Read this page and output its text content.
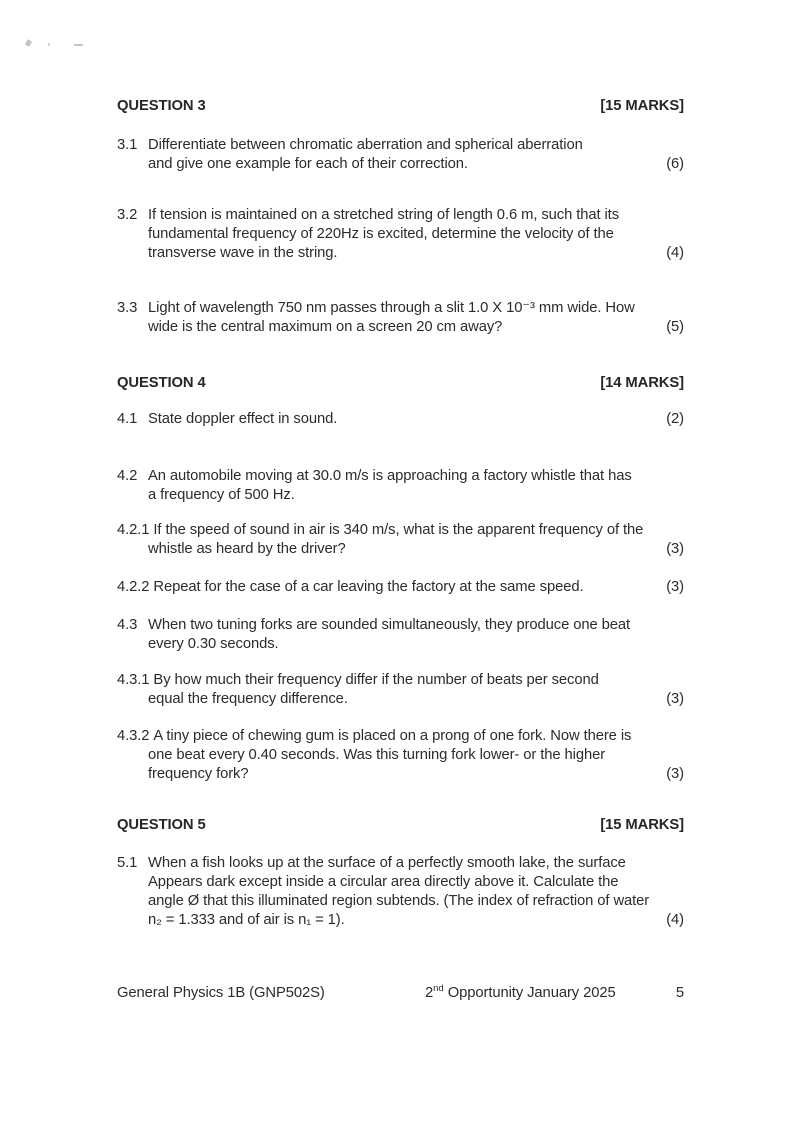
QUESTION 3	[15 MARKS]
3.1 Differentiate between chromatic aberration and spherical aberration
and give one example for each of their correction.	(6)
3.2 If tension is maintained on a stretched string of length 0.6 m, such that its
fundamental frequency of 220Hz is excited, determine the velocity of the
transverse wave in the string.	(4)
3.3 Light of wavelength 750 nm passes through a slit 1.0 X 10⁻³ mm wide. How
wide is the central maximum on a screen 20 cm away?	(5)
QUESTION 4	[14 MARKS]
4.1 State doppler effect in sound.	(2)
4.2 An automobile moving at 30.0 m/s is approaching a factory whistle that has
a frequency of 500 Hz.
4.2.1 If the speed of sound in air is 340 m/s, what is the apparent frequency of the
whistle as heard by the driver?	(3)
4.2.2 Repeat for the case of a car leaving the factory at the same speed.	(3)
4.3 When two tuning forks are sounded simultaneously, they produce one beat
every 0.30 seconds.
4.3.1 By how much their frequency differ if the number of beats per second
equal the frequency difference.	(3)
4.3.2 A tiny piece of chewing gum is placed on a prong of one fork. Now there is
one beat every 0.40 seconds. Was this turning fork lower- or the higher
frequency fork?	(3)
QUESTION 5	[15 MARKS]
5.1 When a fish looks up at the surface of a perfectly smooth lake, the surface
Appears dark except inside a circular area directly above it. Calculate the
angle Ø that this illuminated region subtends. (The index of refraction of water
n₂ = 1.333 and of air is n₁ = 1).	(4)
General Physics 1B (GNP502S)	2nd Opportunity January 2025	5
